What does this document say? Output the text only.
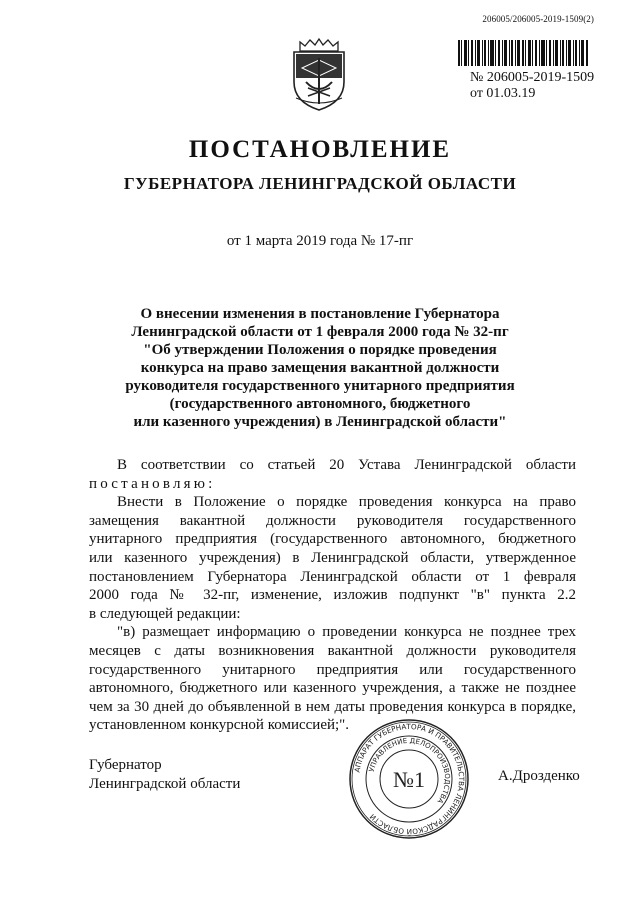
206005/206005-2019-1509(2)
№ 206005-2019-1509
от 01.03.19
ПОСТАНОВЛЕНИЕ
ГУБЕРНАТОРА ЛЕНИНГРАДСКОЙ ОБЛАСТИ
от 1 марта 2019 года № 17-пг
О внесении изменения в постановление Губернатора
Ленинградской области от 1 февраля 2000 года № 32-пг
"Об утверждении Положения о порядке проведения
конкурса на право замещения вакантной должности
руководителя государственного унитарного предприятия
(государственного автономного, бюджетного
или казенного учреждения) в Ленинградской области"
В соответствии со статьей 20 Устава Ленинградской области
постановляю:
Внести в Положение о порядке проведения конкурса на право
замещения вакантной должности руководителя государственного
унитарного предприятия (государственного автономного, бюджетного
или казенного учреждения) в Ленинградской области, утвержденное
постановлением Губернатора Ленинградской области от 1 февраля
2000 года № 32-пг, изменение, изложив подпункт "в" пункта 2.2
в следующей редакции:
"в) размещает информацию о проведении конкурса не позднее трех
месяцев с даты возникновения вакантной должности руководителя
государственного унитарного предприятия или государственного
автономного, бюджетного или казенного учреждения, а также не позднее
чем за 30 дней до объявленной в нем даты проведения конкурса в порядке,
установленном конкурсной комиссией;".
Губернатор
Ленинградской области
АППАРАТ ГУБЕРНАТОРА И ПРАВИТЕЛЬСТВА ЛЕНИНГРАДСКОЙ ОБЛАСТИ
УПРАВЛЕНИЕ ДЕЛОПРОИЗВОДСТВА
№1	А.Дрозденко
